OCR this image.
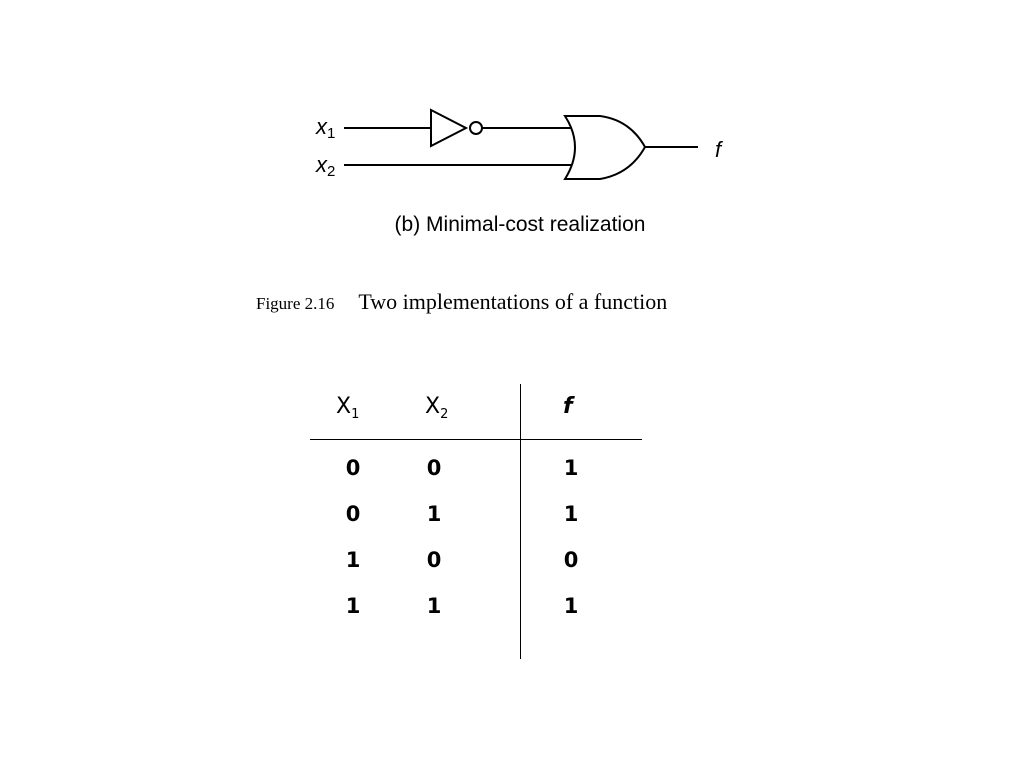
$x_1$
$x_2$
f
(b) Minimal-cost realization
Figure 2.16 Two implementations of a function
$X_1$	$X_2$	f
0	0	1
0	1	1
1	0	0
1	1	1
